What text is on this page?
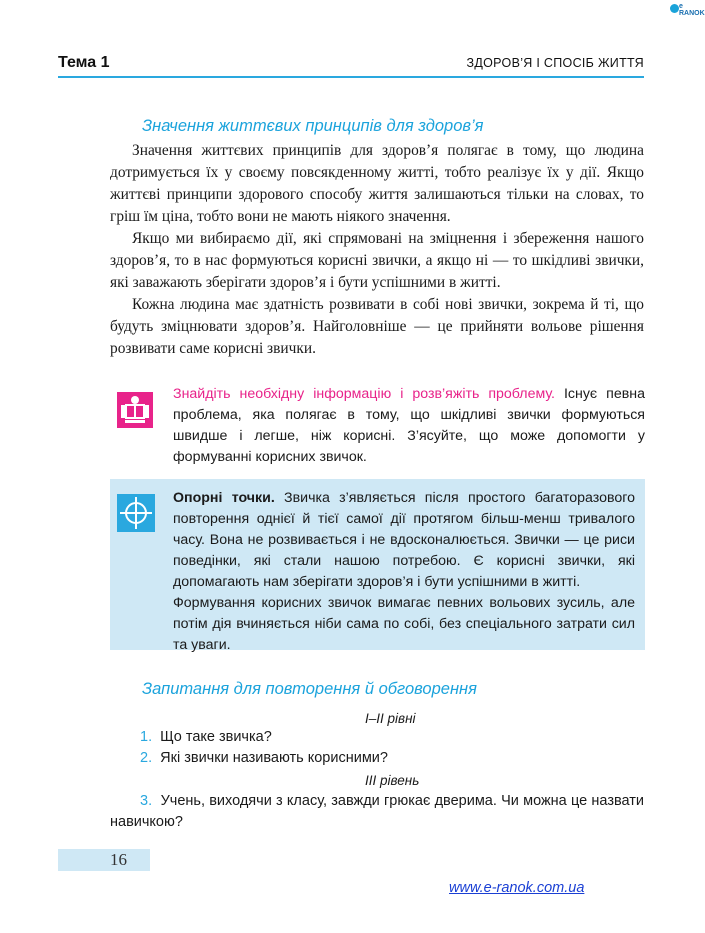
e RANOK
Тема 1	ЗДОРОВ’Я І СПОСІБ ЖИТТЯ
Значення життєвих принципів для здоров’я

Значення життєвих принципів для здоров’я полягає в тому, що людина дотримується їх у своєму повсякденному житті, тобто реалізує їх у дії. Якщо життєві принципи здорового способу життя залишаються тільки на словах, то гріш їм ціна, тобто вони не мають ніякого значення.

Якщо ми вибираємо дії, які спрямовані на зміцнення і збереження нашого здоров’я, то в нас формуються корисні звички, а якщо ні — то шкідливі звички, які заважають зберігати здоров’я і бути успішними в житті.

Кожна людина має здатність розвивати в собі нові звички, зокрема й ті, що будуть зміцнювати здоров’я. Найголовніше — це прийняти вольове рішення розвивати саме корисні звички.

Знайдіть необхідну інформацію і розв’яжіть проблему. Існує певна проблема, яка полягає в тому, що шкідливі звички формуються швидше і легше, ніж корисні. З’ясуйте, що може допомогти у формуванні корисних звичок.
Опорні точки. Звичка з’являється після простого багаторазового повторення однієї й тієї самої дії протягом більш-менш тривалого часу. Вона не розвивається і не вдосконалюється. Звички — це риси поведінки, які стали нашою потребою. Є корисні звички, які допомагають нам зберігати здоров’я і бути успішними в житті.
Формування корисних звичок вимагає певних вольових зусиль, але потім дія вчиняється ніби сама по собі, без спеціального затрати сил та уваги.
Запитання для повторення й обговорення
I–II рівні
1. Що таке звичка?
2. Які звички називають корисними?
III рівень
3. Учень, виходячи з класу, завжди грюкає дверима. Чи можна це назвати навичкою?
16
www.e-ranok.com.ua
